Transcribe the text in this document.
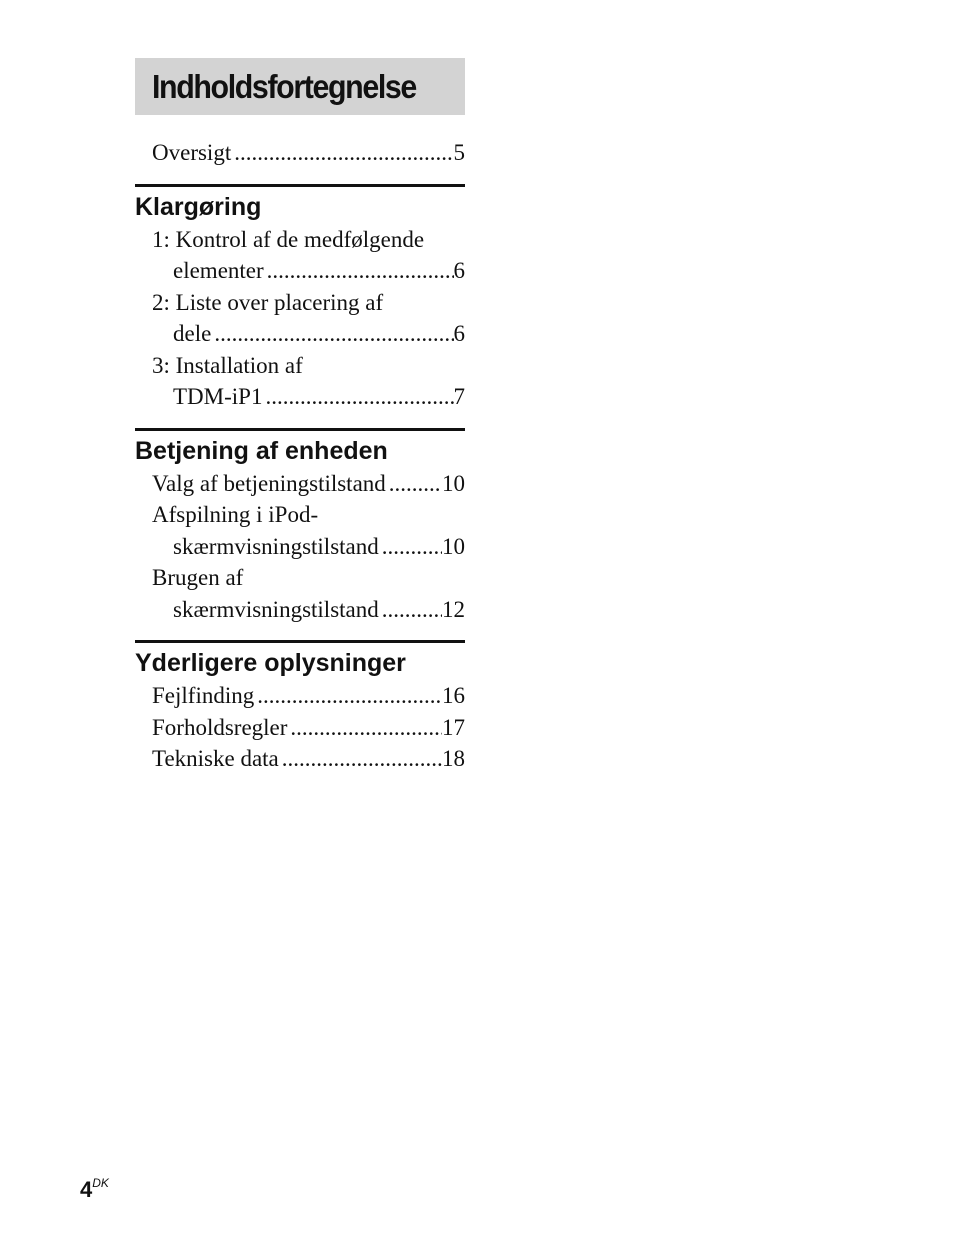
Indholdsfortegnelse
Oversigt .....	5
Klargøring
1: Kontrol af de medfølgende
elementer .....	6
2: Liste over placering af
dele .....	6
3: Installation af
TDM-iP1 .....	7
Betjening af enheden
Valg af betjeningstilstand ..... 10
Afspilning i iPod-
skærmvisningstilstand .....	10
Brugen af
skærmvisningstilstand .....	12
Yderligere oplysninger
Fejlfinding .....	16
Forholdsregler .....	17
Tekniske data .....	18
$4^{DK}$
